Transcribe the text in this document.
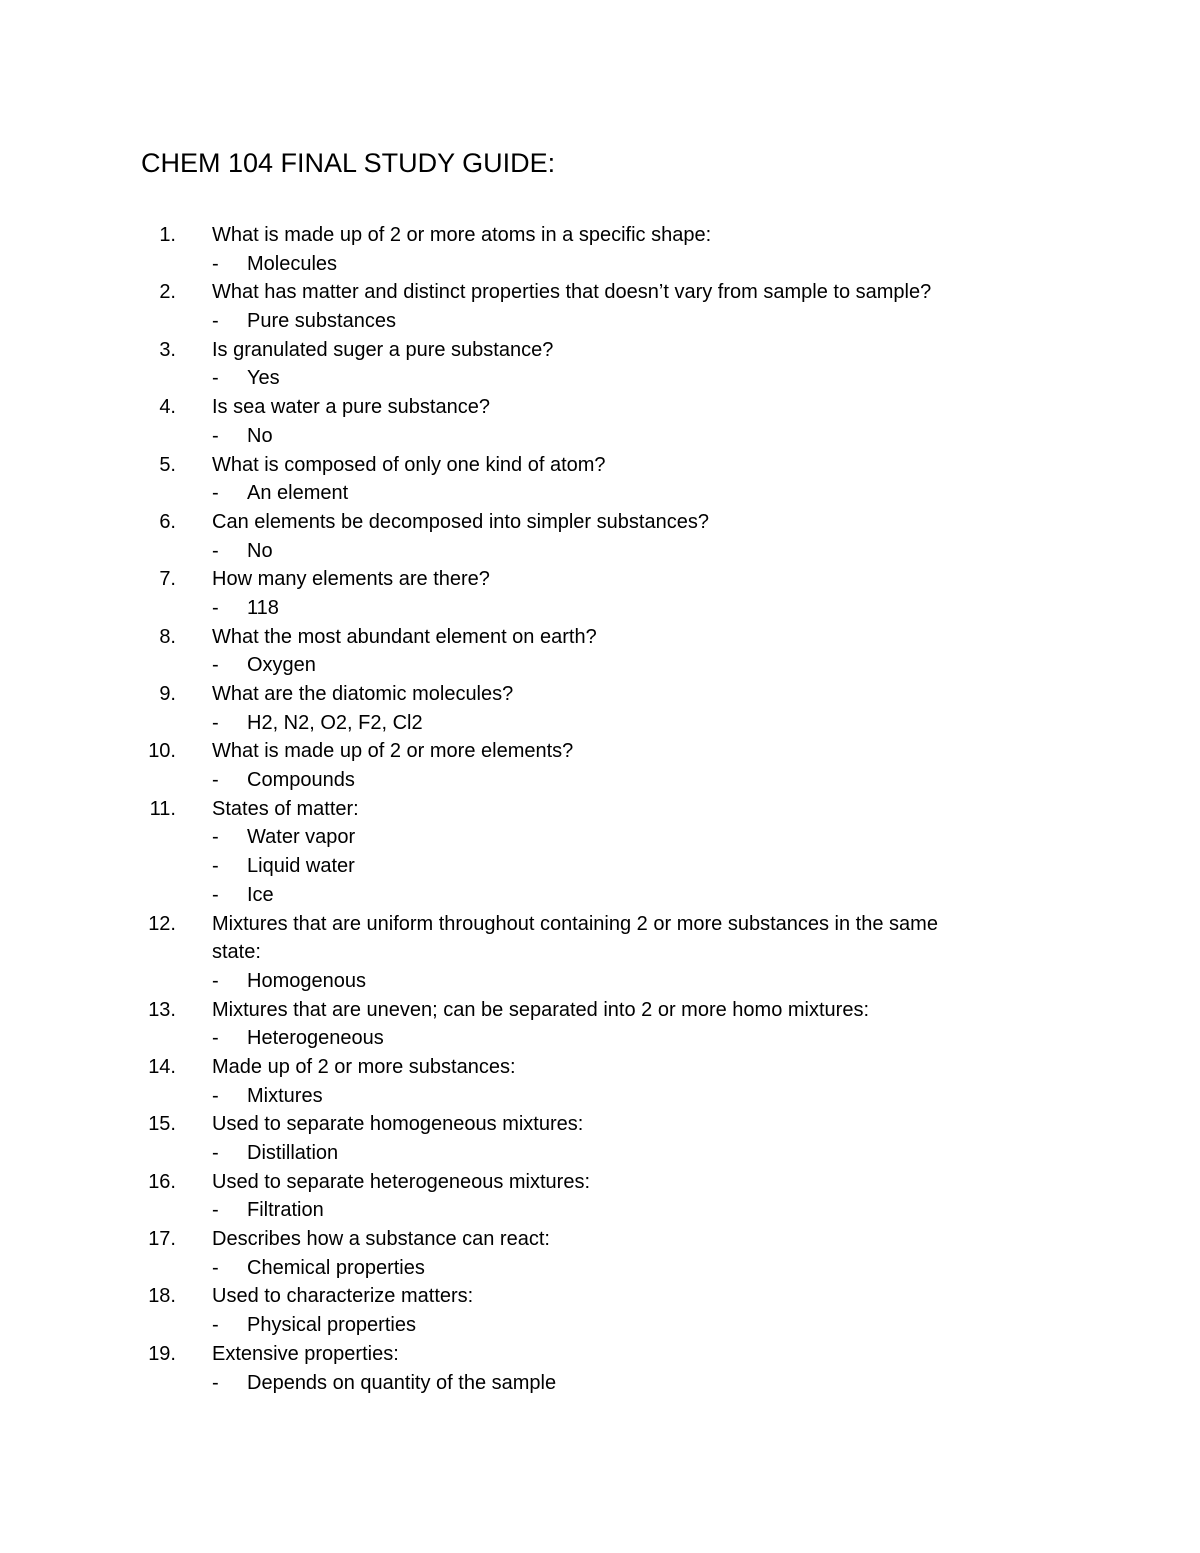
CHEM 104 FINAL STUDY GUIDE:
1. What is made up of 2 or more atoms in a specific shape:
- Molecules
2. What has matter and distinct properties that doesn’t vary from sample to sample?
- Pure substances
3. Is granulated suger a pure substance?
- Yes
4. Is sea water a pure substance?
- No
5. What is composed of only one kind of atom?
- An element
6. Can elements be decomposed into simpler substances?
- No
7. How many elements are there?
- 118
8. What the most abundant element on earth?
- Oxygen
9. What are the diatomic molecules?
- H2, N2, O2, F2, Cl2
10. What is made up of 2 or more elements?
- Compounds
11. States of matter:
- Water vapor
- Liquid water
- Ice
12. Mixtures that are uniform throughout containing 2 or more substances in the same
state:
- Homogenous
13. Mixtures that are uneven; can be separated into 2 or more homo mixtures:
- Heterogeneous
14. Made up of 2 or more substances:
- Mixtures
15. Used to separate homogeneous mixtures:
- Distillation
16. Used to separate heterogeneous mixtures:
- Filtration
17. Describes how a substance can react:
- Chemical properties
18. Used to characterize matters:
- Physical properties
19. Extensive properties:
- Depends on quantity of the sample
